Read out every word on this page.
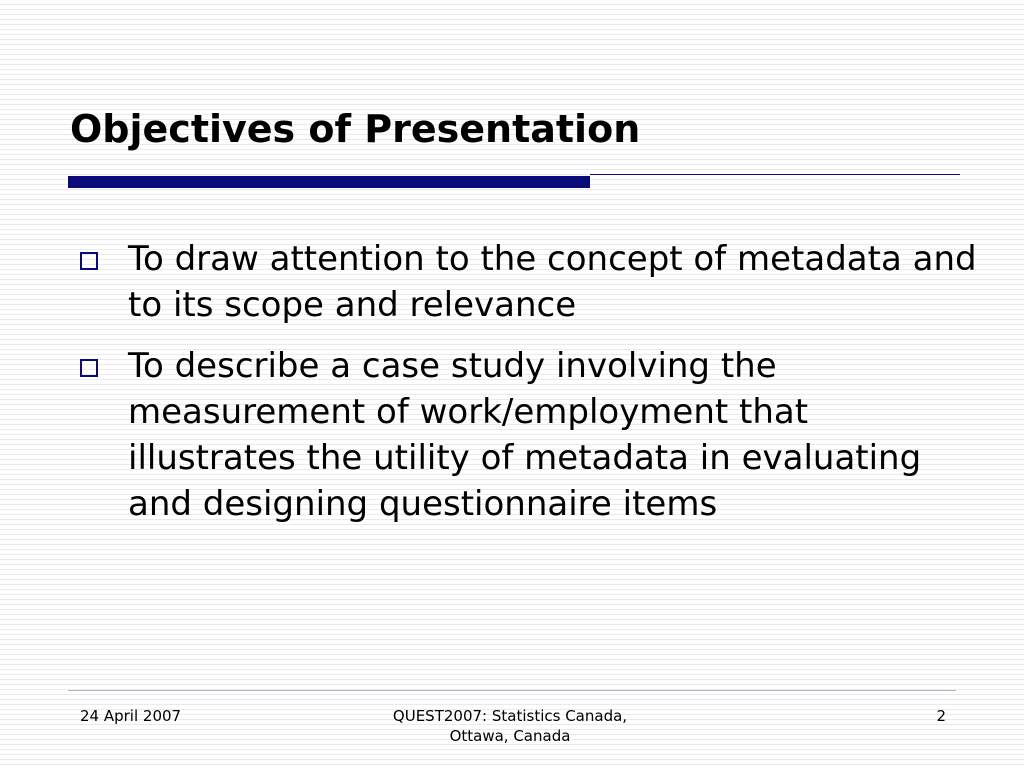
Objectives of Presentation
To draw attention to the concept of metadata and to its scope and relevance
To describe a case study involving the measurement of work/employment that illustrates the utility of metadata in evaluating and designing questionnaire items
24 April 2007	QUEST2007: Statistics Canada,
Ottawa, Canada
2
